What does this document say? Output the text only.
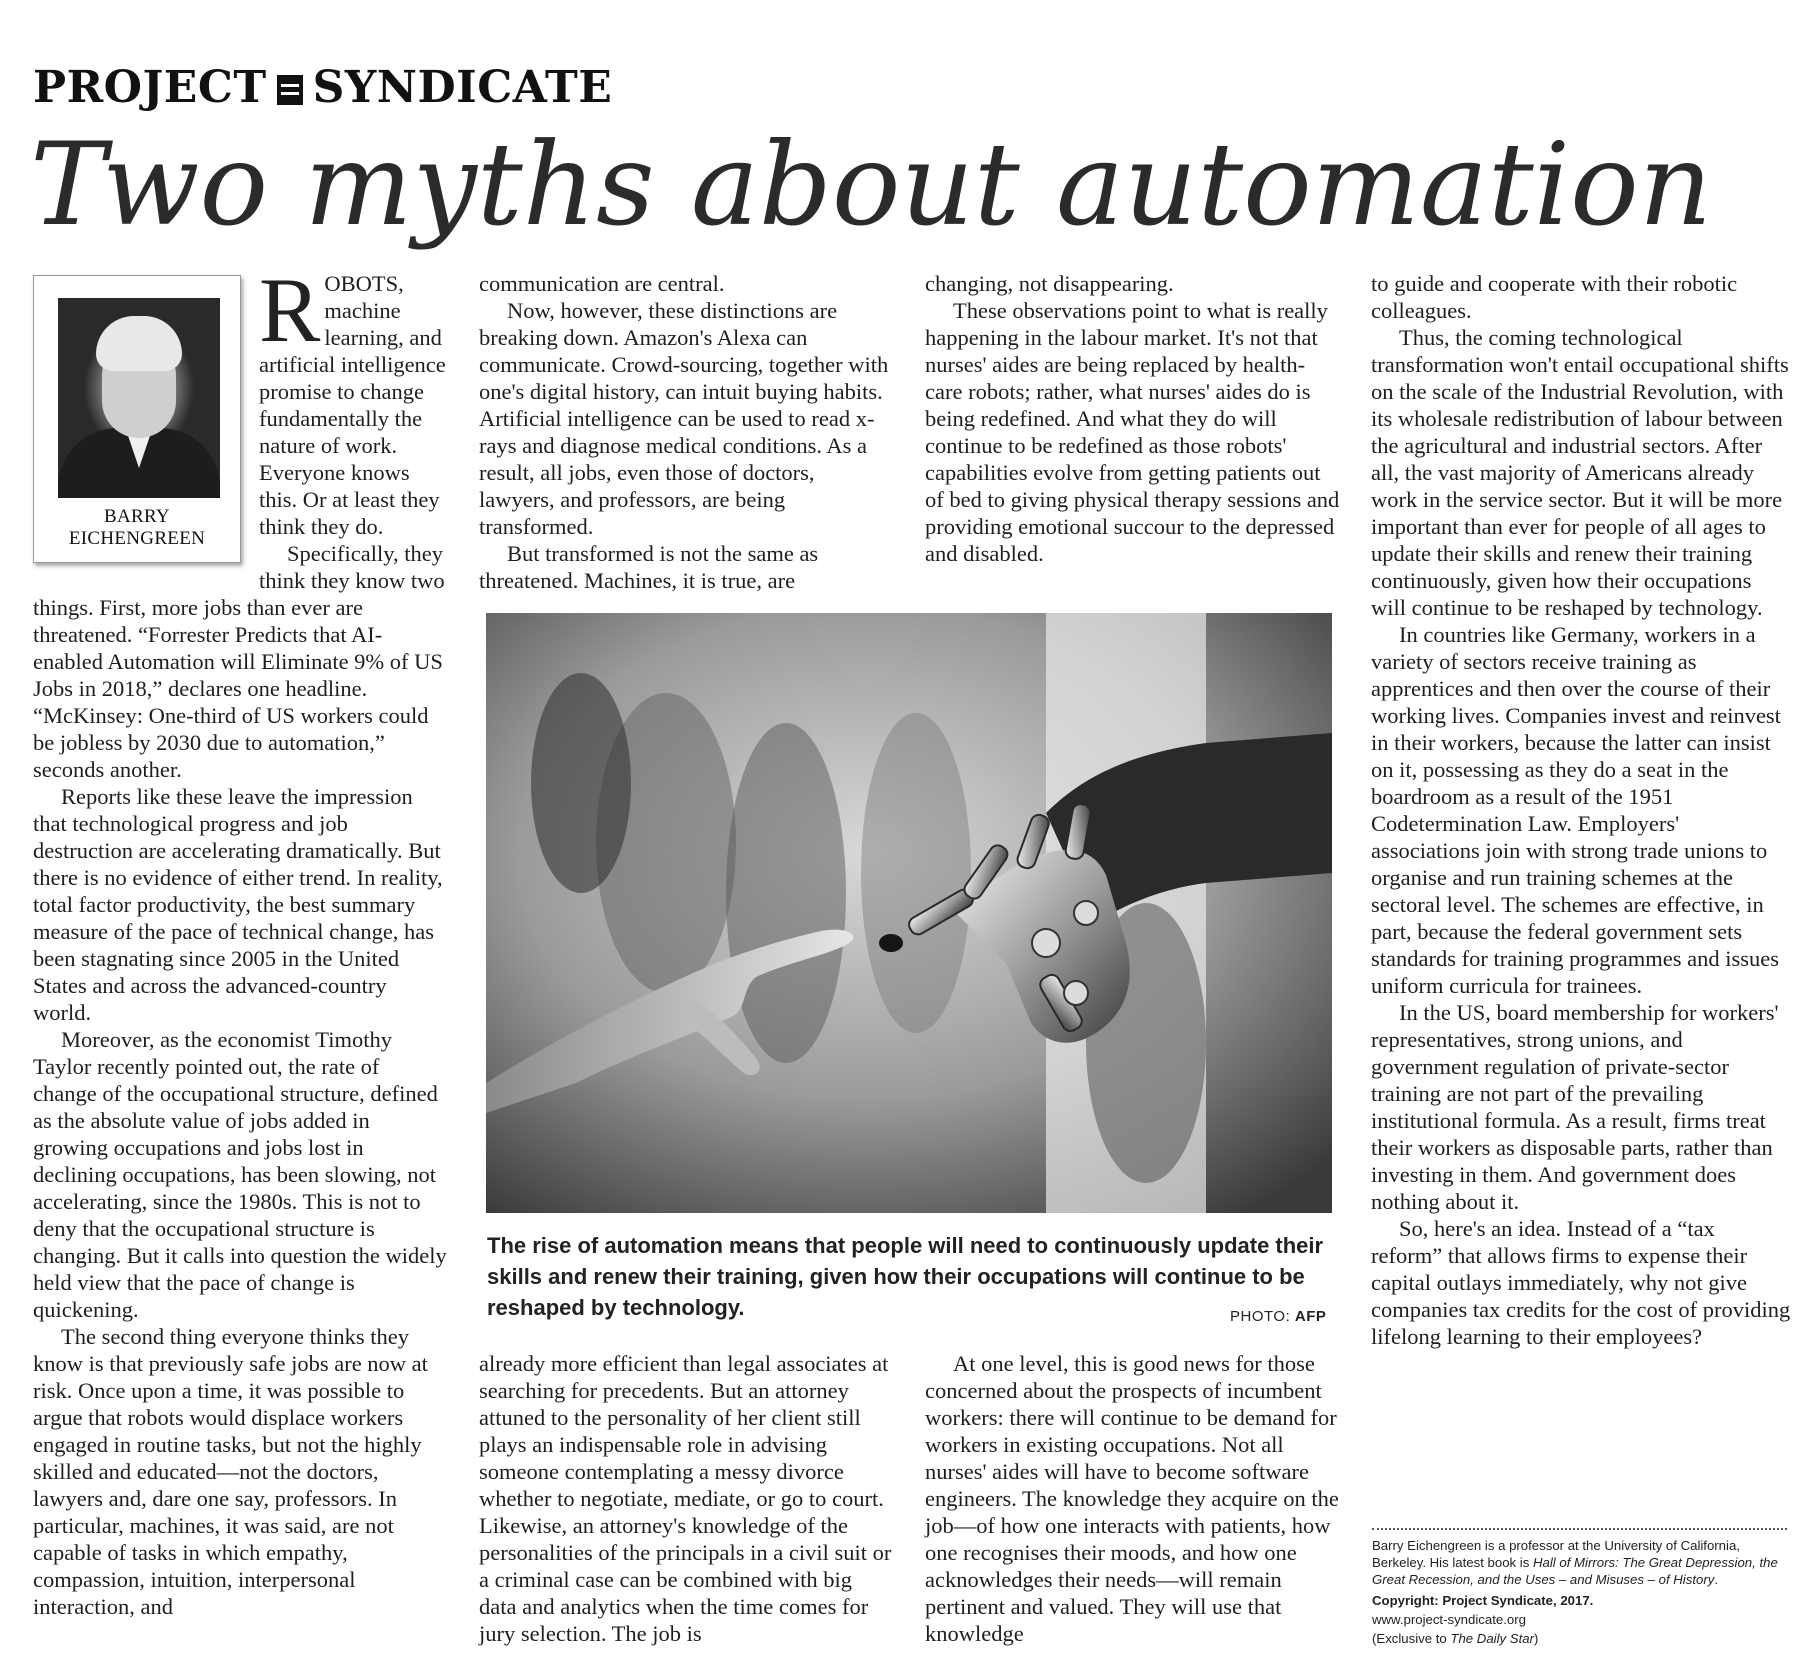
PROJECT SYNDICATE
Two myths about automation
BARRY
EICHENGREEN

ROBOTS, machine learning, and artificial intelligence promise to change fundamentally the nature of work. Everyone knows this. Or at least they think they do.

Specifically, they think they know two things. First, more jobs than ever are threatened. “Forrester Predicts that AI-enabled Automation will Eliminate 9% of US Jobs in 2018,” declares one headline. “McKinsey: One-third of US workers could be jobless by 2030 due to automation,” seconds another.

Reports like these leave the impression that technological progress and job destruction are accelerating dramatically. But there is no evidence of either trend. In reality, total factor productivity, the best summary measure of the pace of technical change, has been stagnating since 2005 in the United States and across the advanced-country world.

Moreover, as the economist Timothy Taylor recently pointed out, the rate of change of the occupational structure, defined as the absolute value of jobs added in growing occupations and jobs lost in declining occupations, has been slowing, not accelerating, since the 1980s. This is not to deny that the occupational structure is changing. But it calls into question the widely held view that the pace of change is quickening.

The second thing everyone thinks they know is that previously safe jobs are now at risk. Once upon a time, it was possible to argue that robots would displace workers engaged in routine tasks, but not the highly skilled and educated—not the doctors, lawyers and, dare one say, professors. In particular, machines, it was said, are not capable of tasks in which empathy, compassion, intuition, interpersonal interaction, and

communication are central.

Now, however, these distinctions are breaking down. Amazon's Alexa can communicate. Crowd-sourcing, together with one's digital history, can intuit buying habits. Artificial intelligence can be used to read x-rays and diagnose medical conditions. As a result, all jobs, even those of doctors, lawyers, and professors, are being transformed.

But transformed is not the same as threatened. Machines, it is true, are

changing, not disappearing.

These observations point to what is really happening in the labour market. It's not that nurses' aides are being replaced by health-care robots; rather, what nurses' aides do is being redefined. And what they do will continue to be redefined as those robots' capabilities evolve from getting patients out of bed to giving physical therapy sessions and providing emotional succour to the depressed and disabled.

The rise of automation means that people will need to continuously update their skills and renew their training, given how their occupations will continue to be reshaped by technology.	PHOTO: AFP

already more efficient than legal associates at searching for precedents. But an attorney attuned to the personality of her client still plays an indispensable role in advising someone contemplating a messy divorce whether to negotiate, mediate, or go to court. Likewise, an attorney's knowledge of the personalities of the principals in a civil suit or a criminal case can be combined with big data and analytics when the time comes for jury selection. The job is

At one level, this is good news for those concerned about the prospects of incumbent workers: there will continue to be demand for workers in existing occupations. Not all nurses' aides will have to become software engineers. The knowledge they acquire on the job—of how one interacts with patients, how one recognises their moods, and how one acknowledges their needs—will remain pertinent and valued. They will use that knowledge

to guide and cooperate with their robotic colleagues.

Thus, the coming technological transformation won't entail occupational shifts on the scale of the Industrial Revolution, with its wholesale redistribution of labour between the agricultural and industrial sectors. After all, the vast majority of Americans already work in the service sector. But it will be more important than ever for people of all ages to update their skills and renew their training continuously, given how their occupations will continue to be reshaped by technology.

In countries like Germany, workers in a variety of sectors receive training as apprentices and then over the course of their working lives. Companies invest and reinvest in their workers, because the latter can insist on it, possessing as they do a seat in the boardroom as a result of the 1951 Codetermination Law. Employers' associations join with strong trade unions to organise and run training schemes at the sectoral level. The schemes are effective, in part, because the federal government sets standards for training programmes and issues uniform curricula for trainees.

In the US, board membership for workers' representatives, strong unions, and government regulation of private-sector training are not part of the prevailing institutional formula. As a result, firms treat their workers as disposable parts, rather than investing in them. And government does nothing about it.

So, here's an idea. Instead of a “tax reform” that allows firms to expense their capital outlays immediately, why not give companies tax credits for the cost of providing lifelong learning to their employees?

Barry Eichengreen is a professor at the University of California, Berkeley. His latest book is Hall of Mirrors: The Great Depression, the Great Recession, and the Uses – and Misuses – of History.

Copyright: Project Syndicate, 2017.

www.project-syndicate.org

(Exclusive to The Daily Star)
